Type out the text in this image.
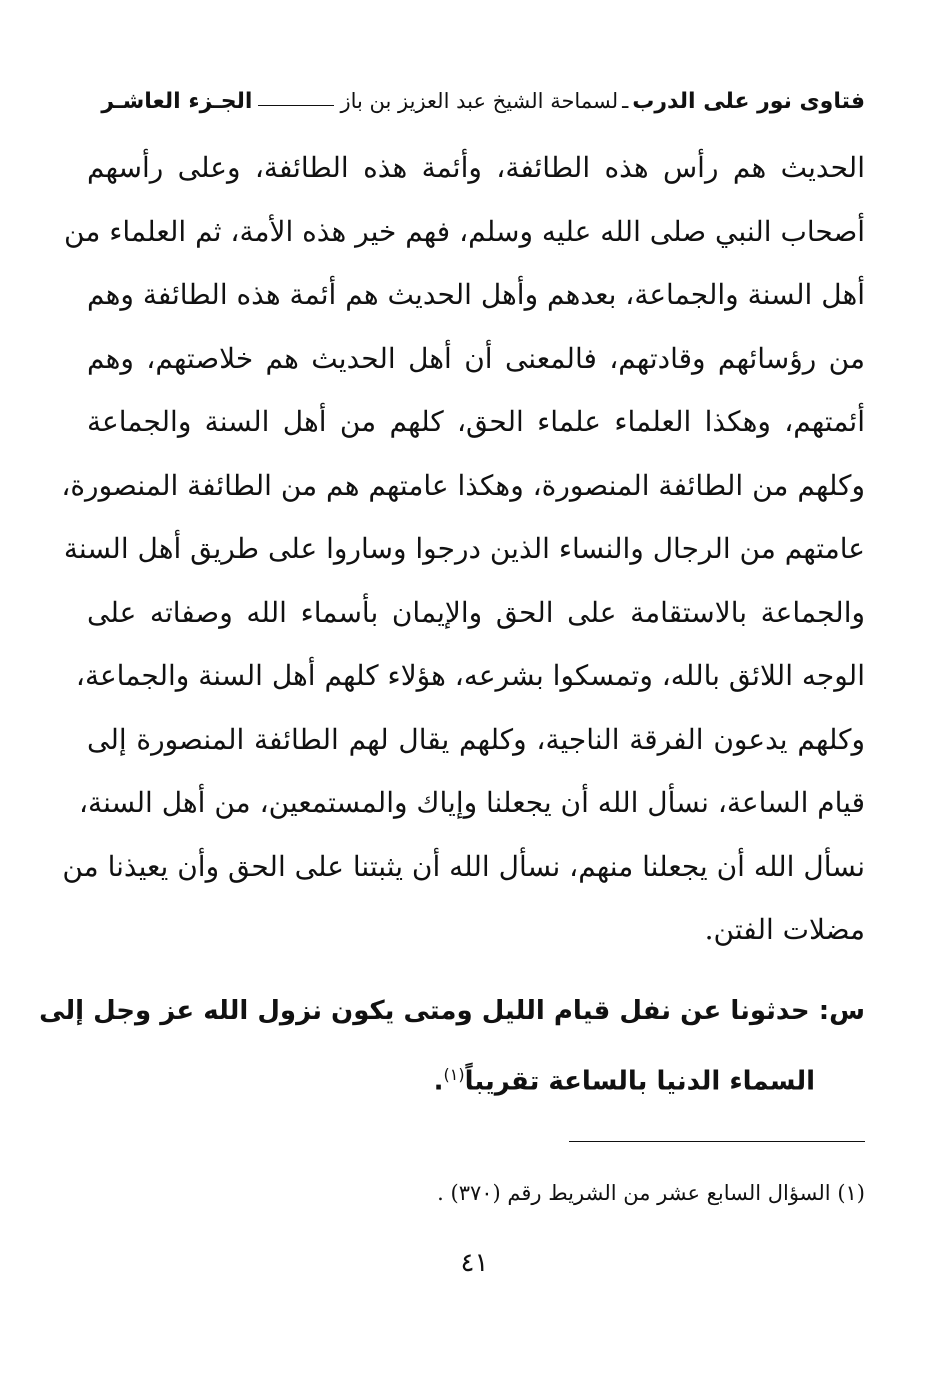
فتاوى نور على الدرب
ـ
لسماحة الشيخ عبد العزيز بن باز
الجـزء العاشـر
الحديث هم رأس هذه الطائفة، وأئمة هذه الطائفة، وعلى رأسهم
أصحاب النبي صلى الله عليه وسلم، فهم خير هذه الأمة، ثم العلماء من
أهل السنة والجماعة، بعدهم وأهل الحديث هم أئمة هذه الطائفة وهم
من رؤسائهم وقادتهم، فالمعنى أن أهل الحديث هم خلاصتهم، وهم
أئمتهم، وهكذا العلماء علماء الحق، كلهم من أهل السنة والجماعة
وكلهم من الطائفة المنصورة، وهكذا عامتهم هم من الطائفة المنصورة،
عامتهم من الرجال والنساء الذين درجوا وساروا على طريق أهل السنة
والجماعة بالاستقامة على الحق والإيمان بأسماء الله وصفاته على
الوجه اللائق بالله، وتمسكوا بشرعه، هؤلاء كلهم أهل السنة والجماعة،
وكلهم يدعون الفرقة الناجية، وكلهم يقال لهم الطائفة المنصورة إلى
قيام الساعة، نسأل الله أن يجعلنا وإياك والمستمعين، من أهل السنة،
نسأل الله أن يجعلنا منهم، نسأل الله أن يثبتنا على الحق وأن يعيذنا من
مضلات الفتن.
س: حدثونا عن نفل قيام الليل ومتى يكون نزول الله عز وجل إلى
السماء الدنيا بالساعة تقريباً$^{(١)}$.
(١) السؤال السابع عشر من الشريط رقم (٣٧٠) .
٤١
